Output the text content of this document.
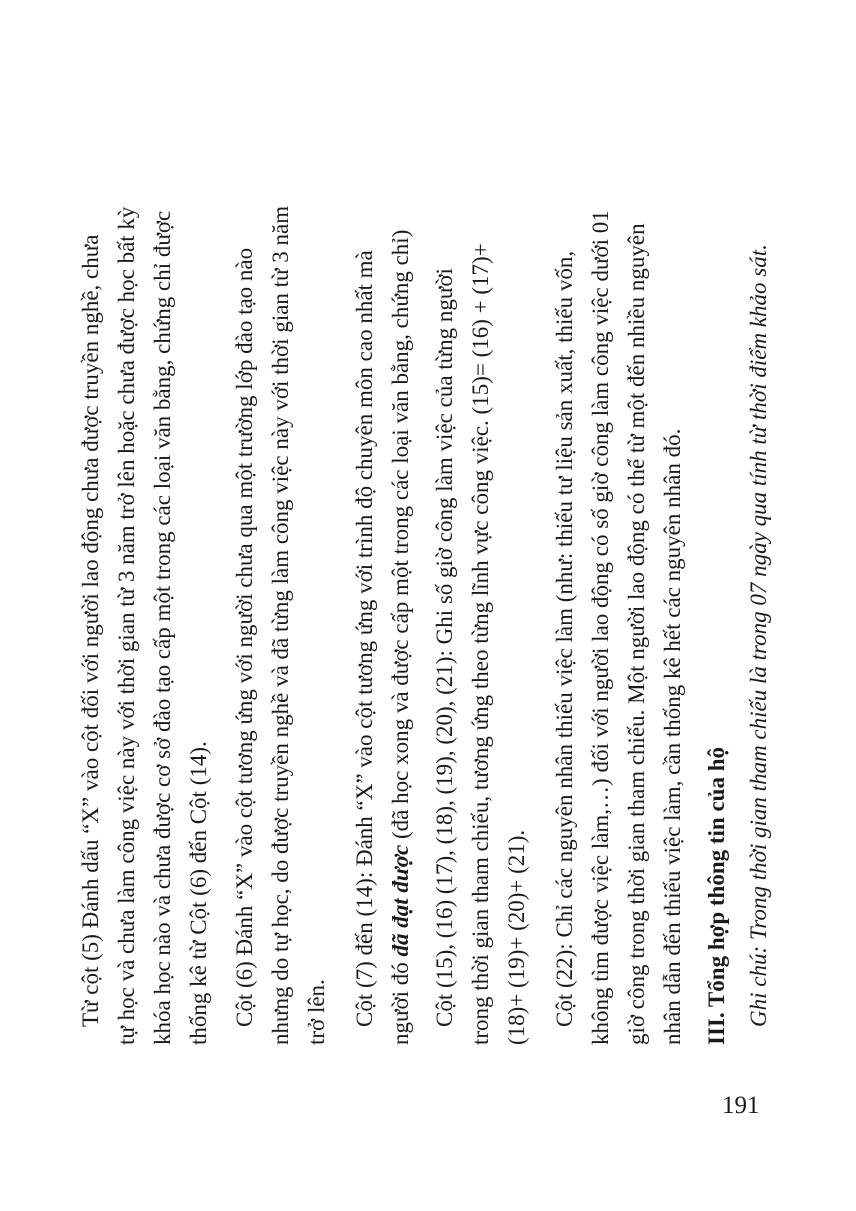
Từ cột (5) Đánh dấu “X” vào cột đối với người lao động chưa được truyền nghề, chưa tự học và chưa làm công việc này với thời gian từ 3 năm trở lên hoặc chưa được học bất kỳ khóa học nào và chưa được cơ sở đào tạo cấp một trong các loại văn bằng, chứng chỉ được thống kê từ Cột (6) đến Cột (14). Cột (6) Đánh “X” vào cột tương ứng với người chưa qua một trường lớp đào tạo nào nhưng do tự học, do được truyền nghề và đã từng làm công việc này với thời gian từ 3 năm trở lên. Cột (7) đến (14): Đánh “X” vào cột tương ứng với trình độ chuyên môn cao nhất mà người đó đã đạt được (đã học xong và được cấp một trong các loại văn bằng, chứng chỉ) Cột (15), (16) (17), (18), (19), (20), (21): Ghi số giờ công làm việc của từng người trong thời gian tham chiếu, tương ứng theo từng lĩnh vực công việc. (15)= (16) + (17)+ (18)+ (19)+ (20)+ (21). Cột (22): Chỉ các nguyên nhân thiếu việc làm (như: thiếu tư liệu sản xuất, thiếu vốn, không tìm được việc làm,…) đối với người lao động có số giờ công làm công việc dưới 01 giờ công trong thời gian tham chiếu. Một người lao động có thể từ một đến nhiều nguyên nhân dẫn đến thiếu việc làm, cần thống kê hết các nguyên nhân đó. III. Tổng hợp thông tin của hộ Ghi chú: Trong thời gian tham chiếu là trong 07 ngày qua tính từ thời điểm khảo sát.
191
